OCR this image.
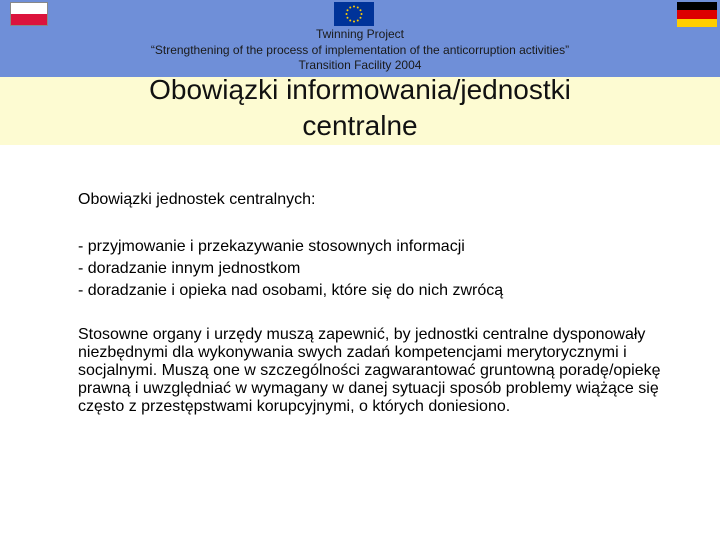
Twinning Project
“Strengthening of the process of implementation of the anticorruption activities”
Transition Facility 2004
Obowiązki informowania/jednostki
centralne

Obowiązki jednostek centralnych:

- przyjmowanie i przekazywanie stosownych informacji
- doradzanie innym jednostkom
- doradzanie i opieka nad osobami, które się do nich zwrócą

Stosowne organy i urzędy muszą zapewnić, by jednostki centralne dysponowały niezbędnymi dla wykonywania swych zadań kompetencjami merytorycznymi i socjalnymi. Muszą one w szczególności zagwarantować gruntowną poradę/opiekę prawną i uwzględniać w wymagany w danej sytuacji sposób problemy wiążące się często z przestępstwami korupcyjnymi, o których doniesiono.
